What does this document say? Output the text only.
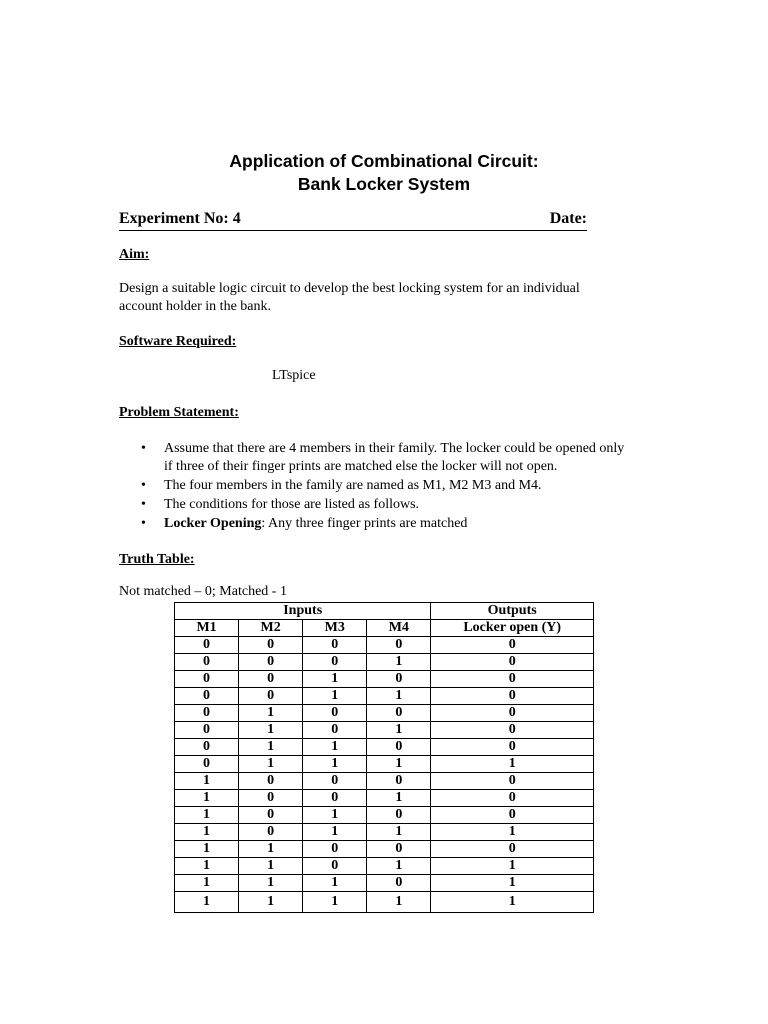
Application of Combinational Circuit:
Bank Locker System
Experiment No: 4	Date:
Aim:
Design a suitable logic circuit to develop the best locking system for an individual
account holder in the bank.
Software Required:
LTspice
Problem Statement:
• Assume that there are 4 members in their family. The locker could be opened only
if three of their finger prints are matched else the locker will not open.
• The four members in the family are named as M1, M2 M3 and M4.
• The conditions for those are listed as follows.
• Locker Opening: Any three finger prints are matched
Truth Table:
Not matched – 0; Matched - 1
Inputs				Outputs
M1	M2	M3	M4	Locker open (Y)
0	0	0	0	0
0	0	0	1	0
0	0	1	0	0
0	0	1	1	0
0	1	0	0	0
0	1	0	1	0
0	1	1	0	0
0	1	1	1	1
1	0	0	0	0
1	0	0	1	0
1	0	1	0	0
1	0	1	1	1
1	1	0	0	0
1	1	0	1	1
1	1	1	0	1
1	1	1	1	1
